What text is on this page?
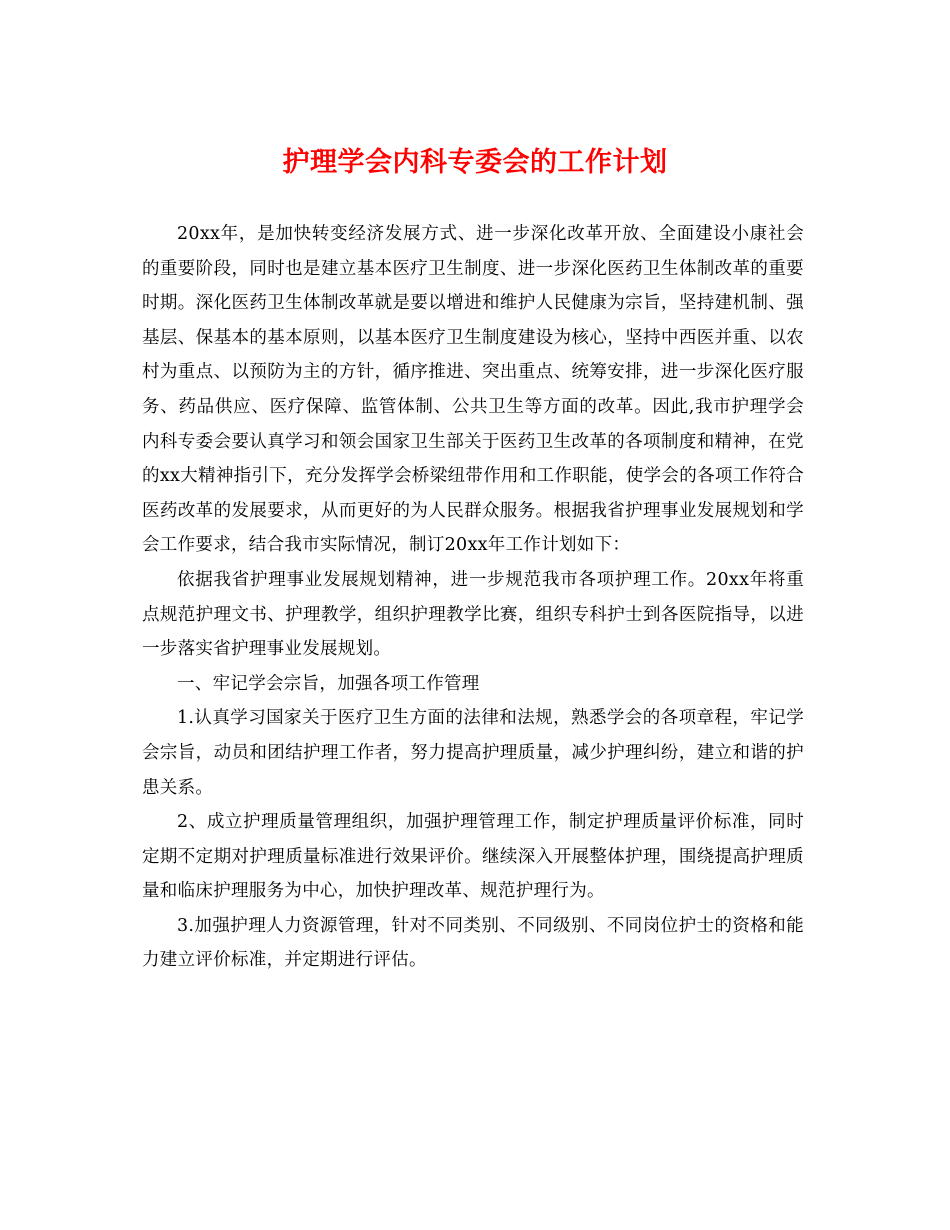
护理学会内科专委会的工作计划

20xx年，是加快转变经济发展方式、进一步深化改革开放、全面建设小康社会的重要阶段，同时也是建立基本医疗卫生制度、进一步深化医药卫生体制改革的重要时期。深化医药卫生体制改革就是要以增进和维护人民健康为宗旨，坚持建机制、强基层、保基本的基本原则，以基本医疗卫生制度建设为核心，坚持中西医并重、以农村为重点、以预防为主的方针，循序推进、突出重点、统筹安排，进一步深化医疗服务、药品供应、医疗保障、监管体制、公共卫生等方面的改革。因此,我市护理学会内科专委会要认真学习和领会国家卫生部关于医药卫生改革的各项制度和精神，在党的xx大精神指引下，充分发挥学会桥梁纽带作用和工作职能，使学会的各项工作符合医药改革的发展要求，从而更好的为人民群众服务。根据我省护理事业发展规划和学会工作要求，结合我市实际情况，制订20xx年工作计划如下：

依据我省护理事业发展规划精神，进一步规范我市各项护理工作。20xx年将重点规范护理文书、护理教学，组织护理教学比赛，组织专科护士到各医院指导，以进一步落实省护理事业发展规划。

一、牢记学会宗旨，加强各项工作管理

1.认真学习国家关于医疗卫生方面的法律和法规，熟悉学会的各项章程，牢记学会宗旨，动员和团结护理工作者，努力提高护理质量，减少护理纠纷，建立和谐的护患关系。

2、成立护理质量管理组织，加强护理管理工作，制定护理质量评价标准，同时定期不定期对护理质量标准进行效果评价。继续深入开展整体护理，围绕提高护理质量和临床护理服务为中心，加快护理改革、规范护理行为。

3.加强护理人力资源管理，针对不同类别、不同级别、不同岗位护士的资格和能力建立评价标准，并定期进行评估。
